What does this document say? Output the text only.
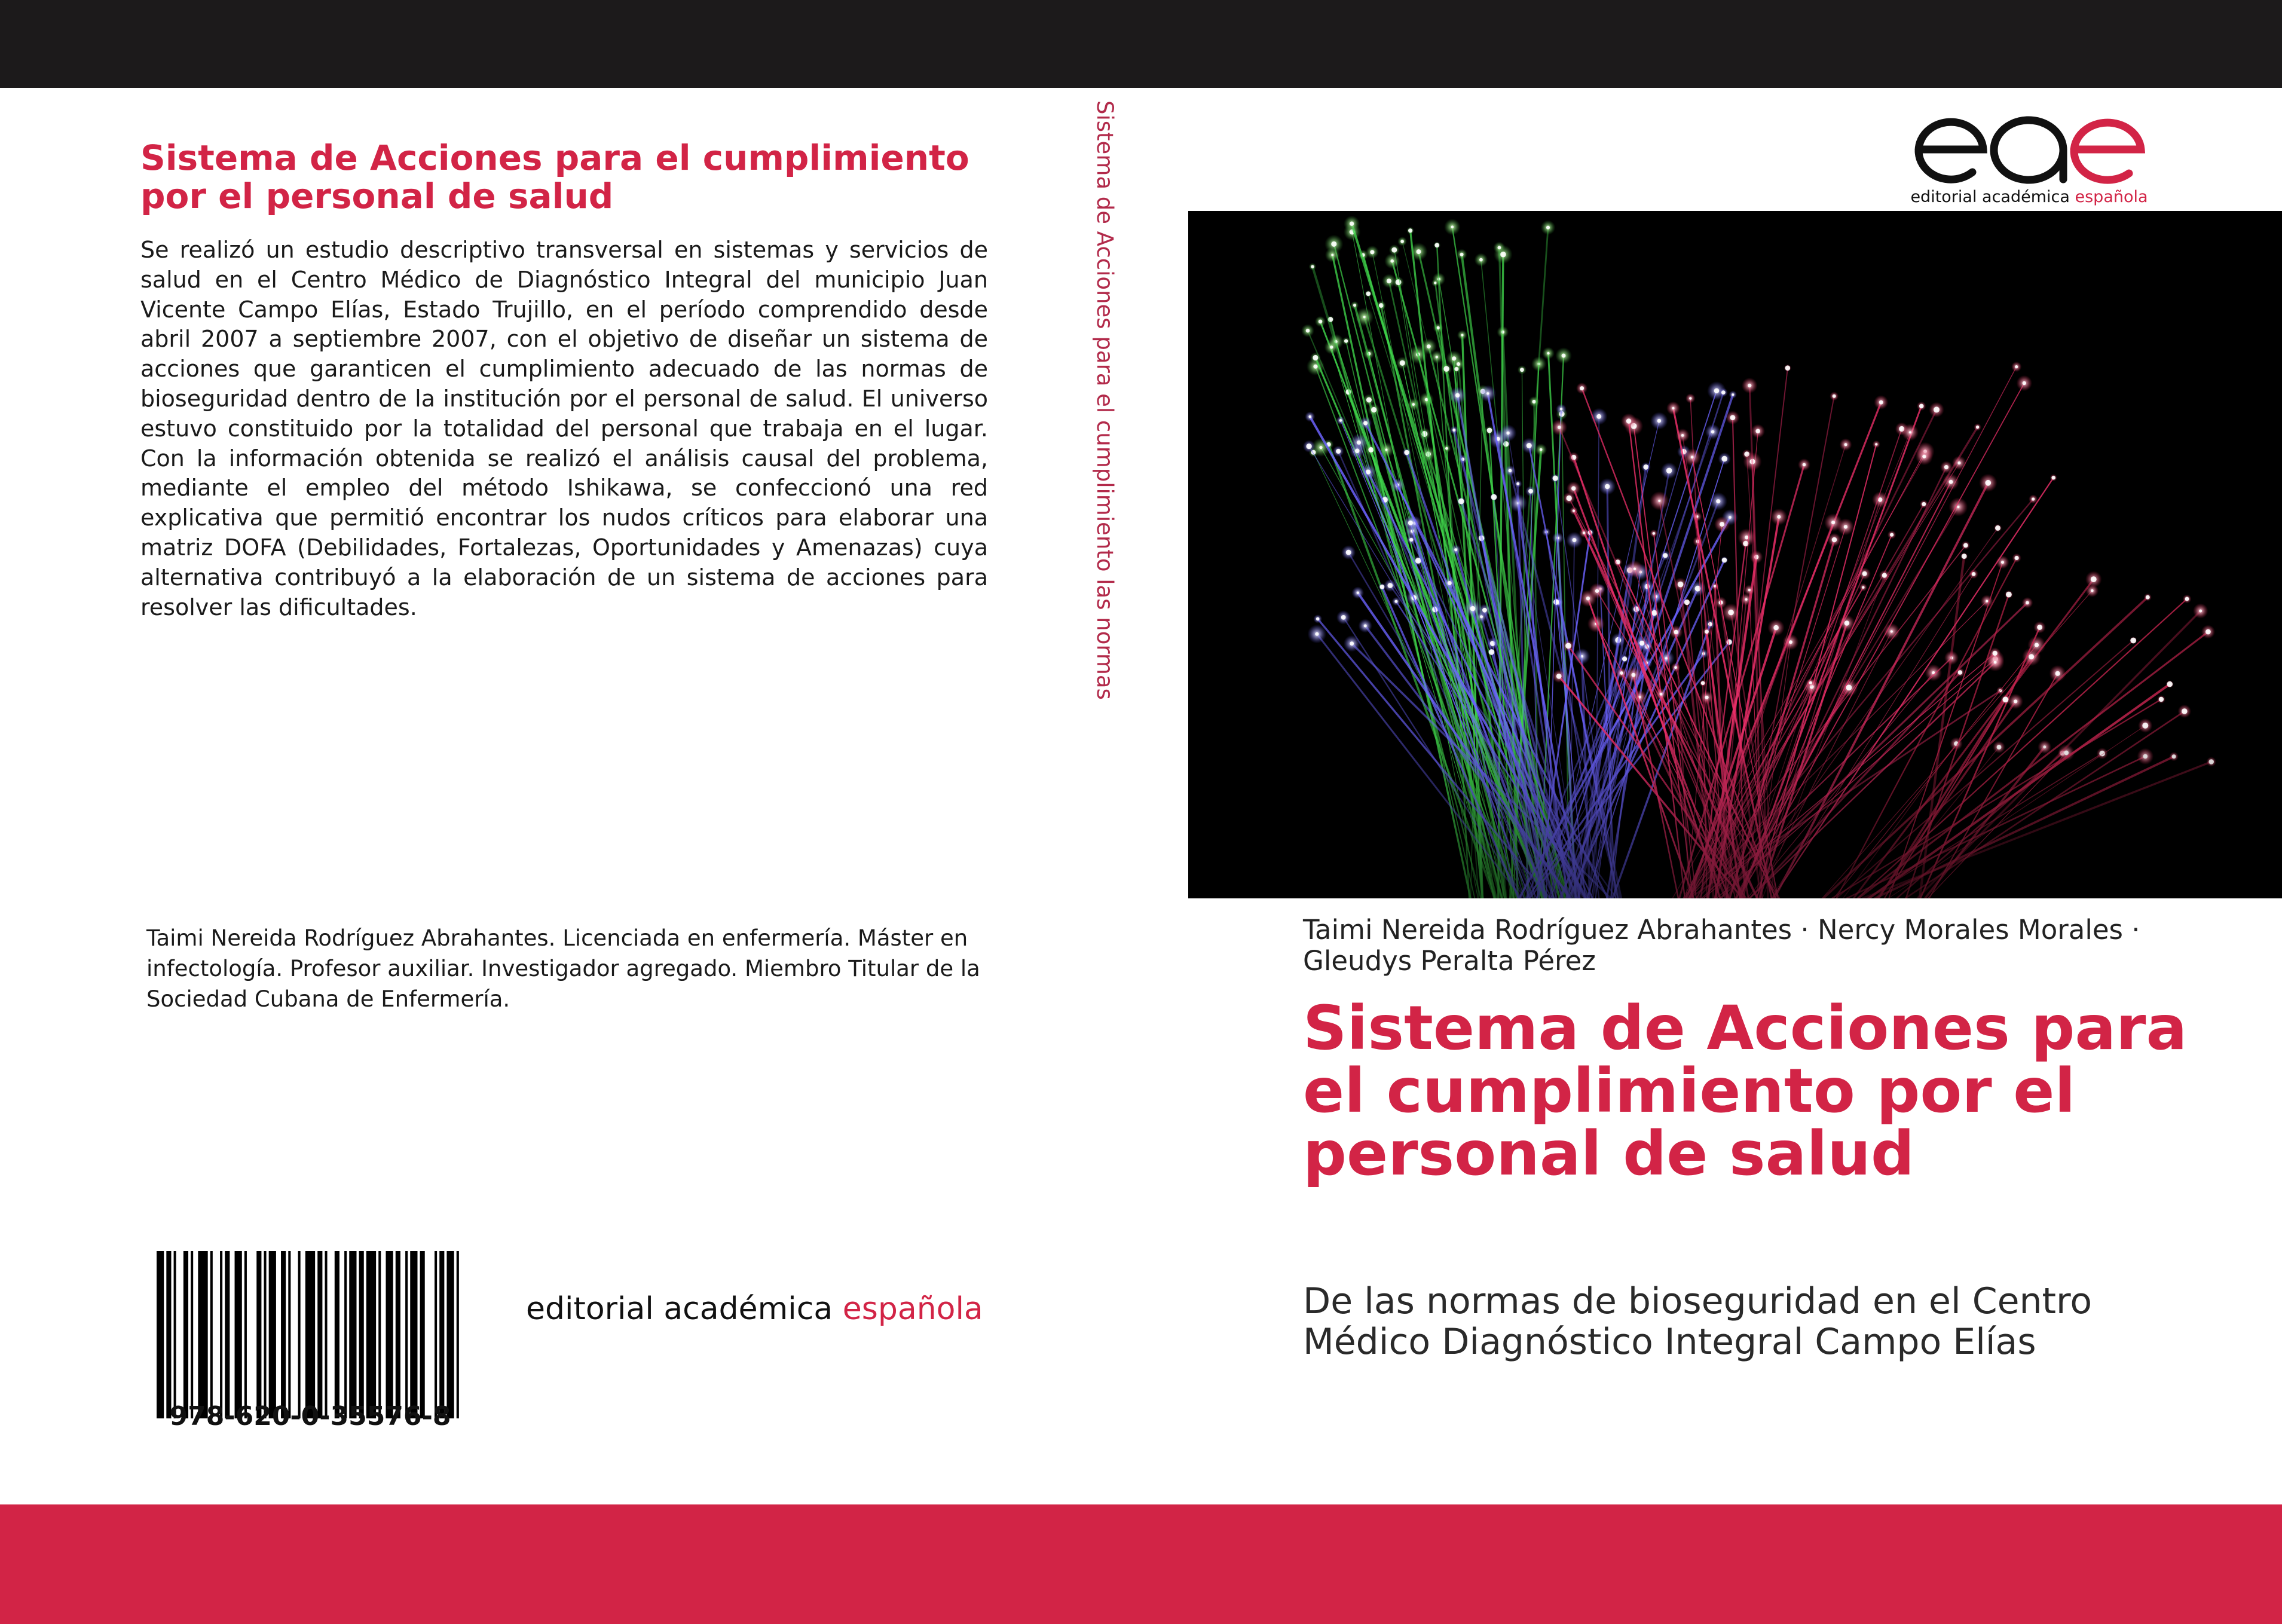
Sistema de Acciones para el cumplimiento por el personal de salud

Se realizó un estudio descriptivo transversal en sistemas y servicios de salud en el Centro Médico de Diagnóstico Integral del municipio Juan Vicente Campo Elías, Estado Trujillo, en el período comprendido desde abril 2007 a septiembre 2007, con el objetivo de diseñar un sistema de acciones que garanticen el cumplimiento adecuado de las normas de bioseguridad dentro de la institución por el personal de salud. El universo estuvo constituido por la totalidad del personal que trabaja en el lugar. Con la información obtenida se realizó el análisis causal del problema, mediante el empleo del método Ishikawa, se confeccionó una red explicativa que permitió encontrar los nudos críticos para elaborar una matriz DOFA (Debilidades, Fortalezas, Oportunidades y Amenazas) cuya alternativa contribuyó a la elaboración de un sistema de acciones para resolver las dificultades.

Taimi Nereida Rodríguez Abrahantes. Licenciada en enfermería. Máster en infectología. Profesor auxiliar. Investigador agregado. Miembro Titular de la Sociedad Cubana de Enfermería.

978-620-0-35576-8
editorial académica española
Sistema de Acciones para el cumplimiento las normas	editorial académica española

Taimi Nereida Rodríguez Abrahantes · Nercy Morales Morales · Gleudys Peralta Pérez

Sistema de Acciones para el cumplimiento por el personal de salud

De las normas de bioseguridad en el Centro Médico Diagnóstico Integral Campo Elías
